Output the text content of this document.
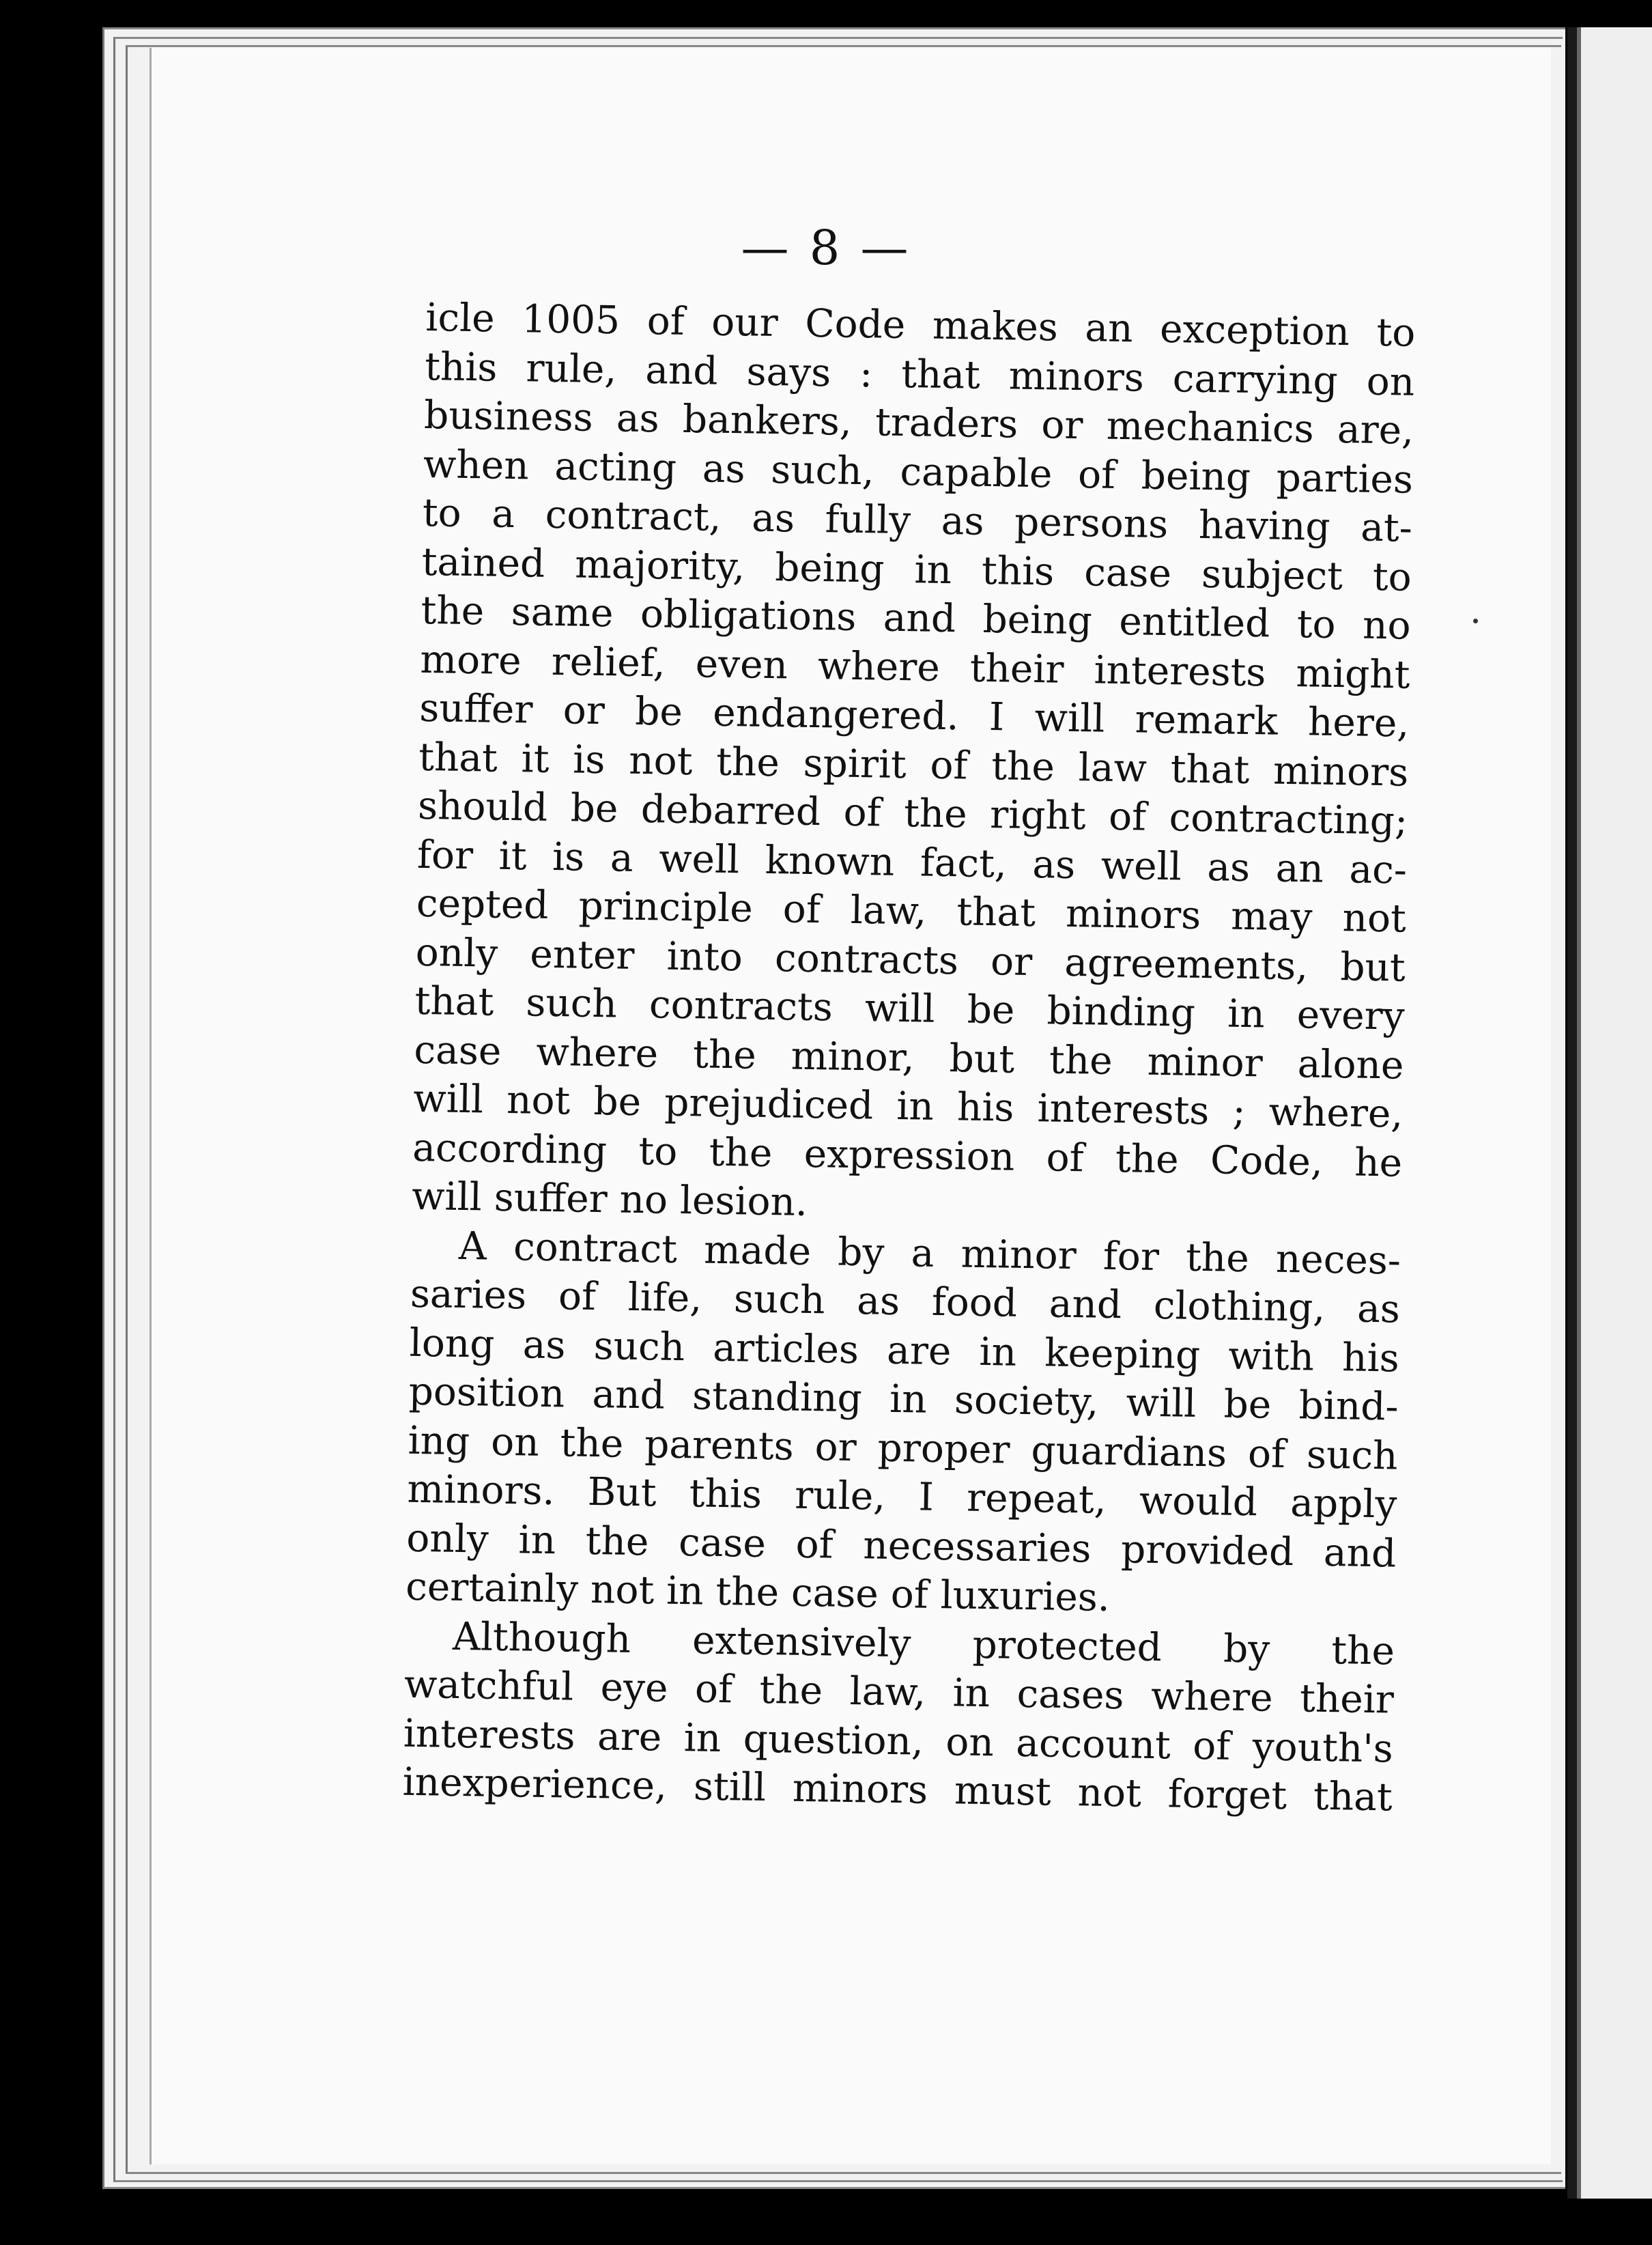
— 8 —
icle 1005 of our Code makes an exception to
this rule, and says : that minors carrying on
business as bankers, traders or mechanics are,
when acting as such, capable of being parties
to a contract, as fully as persons having at-
tained majority, being in this case subject to
the same obligations and being entitled to no
more relief, even where their interests might
suffer or be endangered. I will remark here,
that it is not the spirit of the law that minors
should be debarred of the right of contracting;
for it is a well known fact, as well as an ac-
cepted principle of law, that minors may not
only enter into contracts or agreements, but
that such contracts will be binding in every
case where the minor, but the minor alone
will not be prejudiced in his interests ; where,
according to the expression of the Code, he
will suffer no lesion.
A contract made by a minor for the neces-
saries of life, such as food and clothing, as
long as such articles are in keeping with his
position and standing in society, will be bind-
ing on the parents or proper guardians of such
minors. But this rule, I repeat, would apply
only in the case of necessaries provided and
certainly not in the case of luxuries.
Although extensively protected by the
watchful eye of the law, in cases where their
interests are in question, on account of youth's
inexperience, still minors must not forget that
